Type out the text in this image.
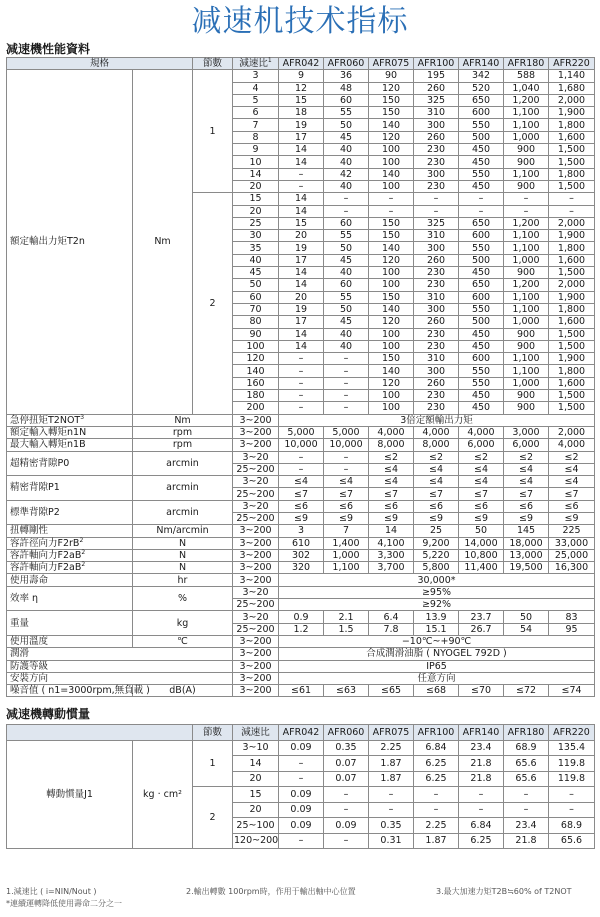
减速机技术指标
减速機性能資料
規格		節數	減速比$^1$	AFR042	AFR060	AFR075	AFR100	AFR140	AFR180	AFR220
額定輸出力矩T2n	Nm	1	3	9	36	90	195	342	588	1,140
			4	12	48	120	260	520	1,040	1,680
			5	15	60	150	325	650	1,200	2,000
			6	18	55	150	310	600	1,100	1,900
			7	19	50	140	300	550	1,100	1,800
			8	17	45	120	260	500	1,000	1,600
			9	14	40	100	230	450	900	1,500
			10	14	40	100	230	450	900	1,500
			14	–	42	140	300	550	1,100	1,800
			20	–	40	100	230	450	900	1,500
		2	15	14	–	–	–	–	–	–
			20	14	–	–	–	–	–	–
			25	15	60	150	325	650	1,200	2,000
			30	20	55	150	310	600	1,100	1,900
			35	19	50	140	300	550	1,100	1,800
			40	17	45	120	260	500	1,000	1,600
			45	14	40	100	230	450	900	1,500
			50	14	60	100	230	650	1,200	2,000
			60	20	55	150	310	600	1,100	1,900
			70	19	50	140	300	550	1,100	1,800
			80	17	45	120	260	500	1,000	1,600
			90	14	40	100	230	450	900	1,500
			100	14	40	100	230	450	900	1,500
			120	–	–	150	310	600	1,100	1,900
			140	–	–	140	300	550	1,100	1,800
			160	–	–	120	260	550	1,000	1,600
			180	–	–	100	230	450	900	1,500
			200	–	–	100	230	450	900	1,500
急停扭矩T2NOT$^3$	Nm		3~200	3倍定額輸出力矩						
額定輸入轉矩n1N	rpm		3~200	5,000	5,000	4,000	4,000	4,000	3,000	2,000
最大輸入轉矩n1B	rpm		3~200	10,000	10,000	8,000	8,000	6,000	6,000	4,000
超精密背隙P0	arcmin		3~20	–	–	≤2	≤2	≤2	≤2	≤2
			25~200	–	–	≤4	≤4	≤4	≤4	≤4
精密背隙P1	arcmin		3~20	≤4	≤4	≤4	≤4	≤4	≤4	≤4
			25~200	≤7	≤7	≤7	≤7	≤7	≤7	≤7
標準背隙P2	arcmin		3~20	≤6	≤6	≤6	≤6	≤6	≤6	≤6
			25~200	≤9	≤9	≤9	≤9	≤9	≤9	≤9
扭轉剛性	Nm/arcmin		3~200	3	7	14	25	50	145	225
容許徑向力$F2rB^2$	N		3~200	610	1,400	4,100	9,200	14,000	18,000	33,000
容許軸向力$F2aB^2$	N		3~200	302	1,000	3,300	5,220	10,800	13,000	25,000
容許軸向力$F2aB^2$	N		3~200	320	1,100	3,700	5,800	11,400	19,500	16,300
使用壽命	hr		3~200	30,000*						
效率 η	%		3~20	≥95%						
			25~200	≥92%						
重量	kg		3~20	0.9	2.1	6.4	13.9	23.7	50	83
			25~200	1.2	1.5	7.8	15.1	26.7	54	95
使用溫度	℃		3~200	−10℃~+90℃						
潤滑			3~200	合成潤滑油脂 ( NYOGEL 792D )						
防護等級			3~200	IP65						
安裝方向			3~200	任意方向						
噪音值 ( n1=3000rpm,無負載 )	dB(A)		3~200	≤61	≤63	≤65	≤68	≤70	≤72	≤74
减速機轉動慣量
		節數	減速比	AFR042	AFR060	AFR075	AFR100	AFR140	AFR180	AFR220
轉動慣量J1	kg · cm²	1	3~10	0.09	0.35	2.25	6.84	23.4	68.9	135.4
			14	–	0.07	1.87	6.25	21.8	65.6	119.8
			20	–	0.07	1.87	6.25	21.8	65.6	119.8
		2	15	0.09	–	–	–	–	–	–
			20	0.09	–	–	–	–	–	–
			25~100	0.09	0.09	0.35	2.25	6.84	23.4	68.9
			120~200	–	–	0.31	1.87	6.25	21.8	65.6
1.減速比 ( i=NIN/Nout )	2.輸出轉數 100rpm時，作用于輸出軸中心位置	3.最大加速力矩T2B≒60% of T2NOT
*連續運轉降低使用壽命二分之一
